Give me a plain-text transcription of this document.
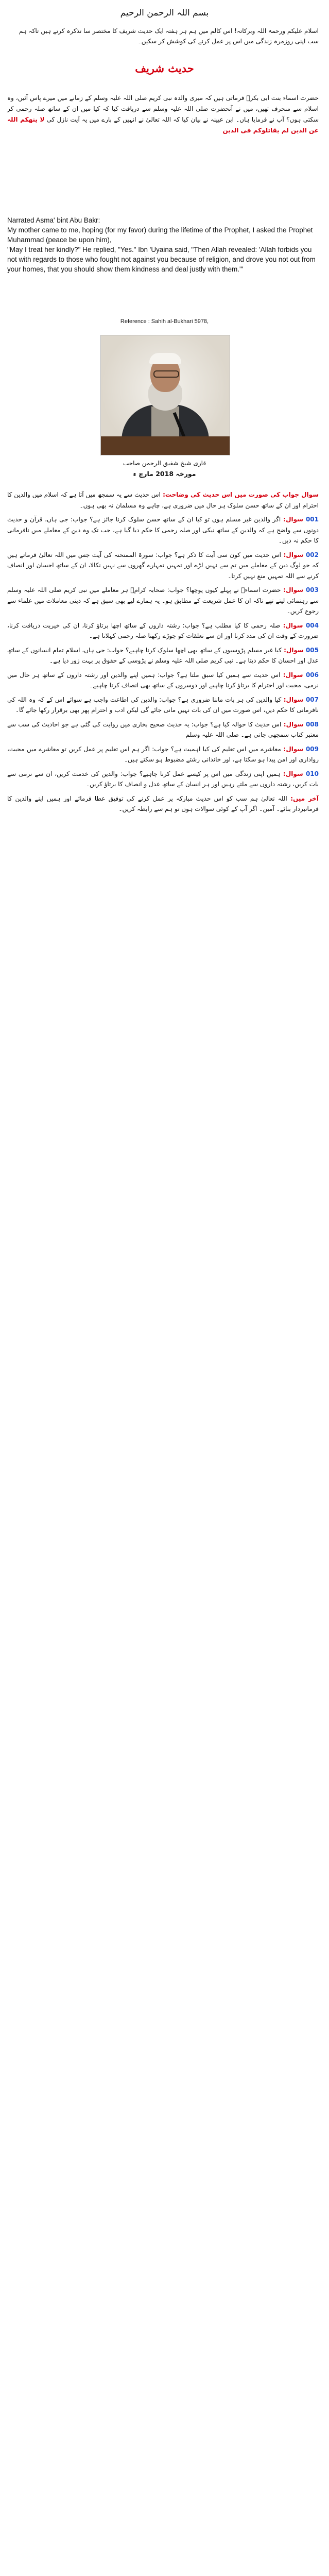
بسم اللہ الرحمن الرحیم
اسلام علیکم ورحمۃ اللہ وبرکاتہ! اس کالم میں ہم ہر ہفتہ ایک حدیث شریف کا مختصر سا تذکرہ کرتے ہیں تاکہ ہم سب اپنی روزمرہ زندگی میں اس پر عمل کرنے کی کوشش کر سکیں۔
حدیث شریف
حضرت اسماء بنت ابی بکرؓ فرماتی ہیں کہ میری والدہ نبی کریم صلی اللہ علیہ وسلم کے زمانے میں میرے پاس آئیں، وہ اسلام سے منحرف تھیں، میں نے آنحضرت صلی اللہ علیہ وسلم سے دریافت کیا کہ کیا میں ان کے ساتھ صلہ رحمی کر سکتی ہوں؟ آپ نے فرمایا ہاں۔ ابن عیینہ نے بیان کیا کہ اللہ تعالیٰ نے انہیں کے بارے میں یہ آیت نازل کی لا ینھکم اللہ عن الذین لم یقاتلوکم فی الدین

Narrated Asma' bint Abu Bakr:

My mother came to me, hoping (for my favor) during the lifetime of the Prophet, I asked the Prophet Muhammad (peace be upon him),

"May I treat her kindly?" He replied, "Yes." Ibn 'Uyaina said, "Then Allah revealed: 'Allah forbids you not with regards to those who fought not against you because of religion, and drove you not out from your homes, that you should show them kindness and deal justly with them.'"

Reference : Sahih al-Bukhari 5978,
قاری شیخ شفیق الرحمن صاحب
مورخہ 2018 مارچ ء

سوال جواب کی صورت میں اس حدیث کی وضاحت: اس حدیث سے یہ سمجھ میں آتا ہے کہ اسلام میں والدین کا احترام اور ان کے ساتھ حسن سلوک ہر حال میں ضروری ہے، چاہے وہ مسلمان نہ بھی ہوں۔

001 سوال: اگر والدین غیر مسلم ہوں تو کیا ان کے ساتھ حسن سلوک کرنا جائز ہے؟ جواب: جی ہاں، قرآن و حدیث دونوں سے واضح ہے کہ والدین کے ساتھ نیکی اور صلہ رحمی کا حکم دیا گیا ہے، جب تک وہ دین کے معاملے میں نافرمانی کا حکم نہ دیں۔

002 سوال: اس حدیث میں کون سی آیت کا ذکر ہے؟ جواب: سورۃ الممتحنہ کی آیت جس میں اللہ تعالیٰ فرماتے ہیں کہ جو لوگ دین کے معاملے میں تم سے نہیں لڑے اور تمہیں تمہارے گھروں سے نہیں نکالا، ان کے ساتھ احسان اور انصاف کرنے سے اللہ تمہیں منع نہیں کرتا۔

003 سوال: حضرت اسماءؓ نے پہلے کیوں پوچھا؟ جواب: صحابہ کرامؓ ہر معاملے میں نبی کریم صلی اللہ علیہ وسلم سے رہنمائی لیتے تھے تاکہ ان کا عمل شریعت کے مطابق ہو۔ یہ ہمارے لیے بھی سبق ہے کہ دینی معاملات میں علماء سے رجوع کریں۔

004 سوال: صلہ رحمی کا کیا مطلب ہے؟ جواب: رشتہ داروں کے ساتھ اچھا برتاؤ کرنا، ان کی خیریت دریافت کرنا، ضرورت کے وقت ان کی مدد کرنا اور ان سے تعلقات کو جوڑے رکھنا صلہ رحمی کہلاتا ہے۔

005 سوال: کیا غیر مسلم پڑوسیوں کے ساتھ بھی اچھا سلوک کرنا چاہیے؟ جواب: جی ہاں، اسلام تمام انسانوں کے ساتھ عدل اور احسان کا حکم دیتا ہے۔ نبی کریم صلی اللہ علیہ وسلم نے پڑوسی کے حقوق پر بہت زور دیا ہے۔

006 سوال: اس حدیث سے ہمیں کیا سبق ملتا ہے؟ جواب: ہمیں اپنے والدین اور رشتہ داروں کے ساتھ ہر حال میں نرمی، محبت اور احترام کا برتاؤ کرنا چاہیے اور دوسروں کے ساتھ بھی انصاف کرنا چاہیے۔

007 سوال: کیا والدین کی ہر بات ماننا ضروری ہے؟ جواب: والدین کی اطاعت واجب ہے سوائے اس کے کہ وہ اللہ کی نافرمانی کا حکم دیں، اس صورت میں ان کی بات نہیں مانی جائے گی لیکن ادب و احترام پھر بھی برقرار رکھا جائے گا۔

008 سوال: اس حدیث کا حوالہ کیا ہے؟ جواب: یہ حدیث صحیح بخاری میں روایت کی گئی ہے جو احادیث کی سب سے معتبر کتاب سمجھی جاتی ہے۔ صلی اللہ علیہ وسلم

009 سوال: معاشرے میں اس تعلیم کی کیا اہمیت ہے؟ جواب: اگر ہم اس تعلیم پر عمل کریں تو معاشرے میں محبت، رواداری اور امن پیدا ہو سکتا ہے، اور خاندانی رشتے مضبوط ہو سکتے ہیں۔

010 سوال: ہمیں اپنی زندگی میں اس پر کیسے عمل کرنا چاہیے؟ جواب: والدین کی خدمت کریں، ان سے نرمی سے بات کریں، رشتہ داروں سے ملتے رہیں اور ہر انسان کے ساتھ عدل و انصاف کا برتاؤ کریں۔

آخر میں: اللہ تعالیٰ ہم سب کو اس حدیث مبارکہ پر عمل کرنے کی توفیق عطا فرمائے اور ہمیں اپنے والدین کا فرمانبردار بنائے۔ آمین۔ اگر آپ کے کوئی سوالات ہوں تو ہم سے رابطہ کریں۔
